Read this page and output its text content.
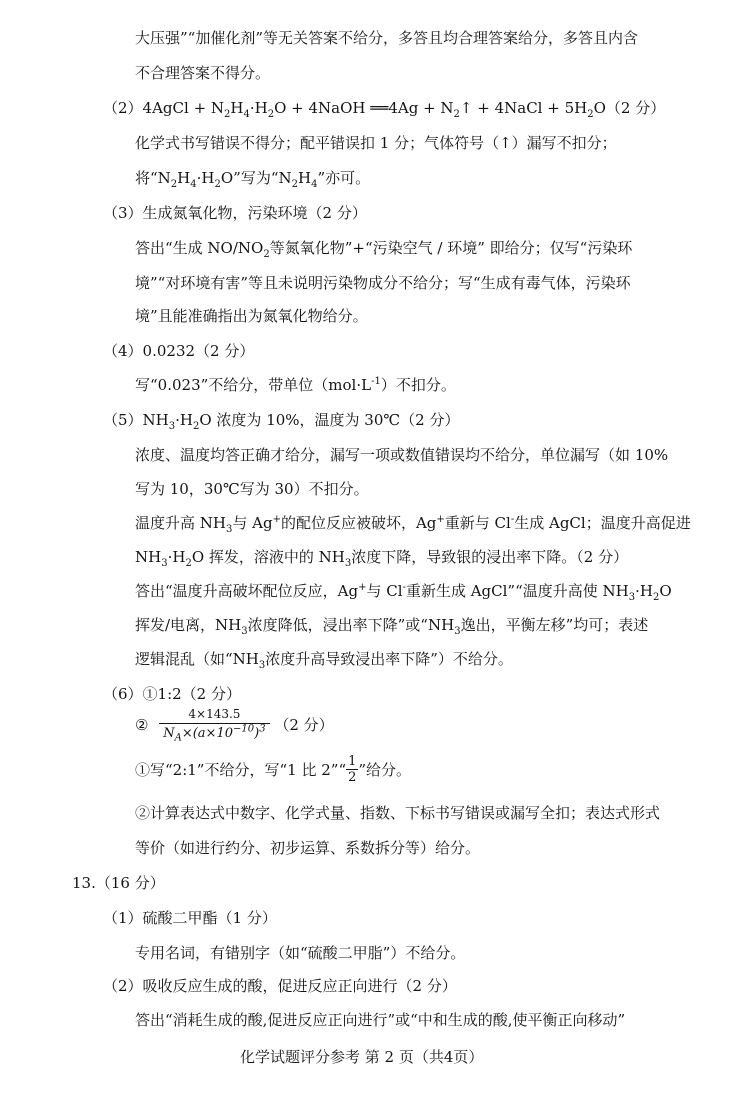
大压强”“加催化剂”等无关答案不给分，多答且均合理答案给分，多答且内含
不合理答案不得分。
（2）4AgCl + $N_2H_4\cdot H_2O$ + 4NaOH ══4Ag + $N_2↑$ + 4NaCl + $5H_2O(2$ 分）
化学式书写错误不得分；配平错误扣 1 分；气体符号（↑）漏写不扣分；
将“$N_2H_4\cdot H_2O$”写为“$N_2H_4$”亦可。
（3）生成氮氧化物，污染环境（2 分）
答出“生成 $NO/NO_2$等氮氧化物”+“污染空气 / 环境” 即给分；仅写“污染环
境”“对环境有害”等且未说明污染物成分不给分；写“生成有毒气体，污染环
境”且能准确指出为氮氧化物给分。
（4）0.0232（2 分）
写“0.023”不给分，带单位$(mol\cdot L^{-1})$不扣分。
$(5)NH_3\cdot H_2O$ 浓度为 10%，温度为 30℃（2 分）
浓度、温度均答正确才给分，漏写一项或数值错误均不给分，单位漏写（如 10%
写为 10，30℃写为 30）不扣分。
温度升高 $NH_3$与 Ag+的配位反应被破坏，Ag+重新与 Cl-生成 AgCl；温度升高促进
$NH_3\cdot H_2O$ 挥发，溶液中的 $NH_3$浓度下降，导致银的浸出率下降。（2 分）
答出“温度升高破坏配位反应，Ag+与 Cl-重新生成 AgCl”“温度升高使 $NH_3\cdot H_2O$
挥发/电离，$NH_3$浓度降低，浸出率下降”或“$NH_3$逸出，平衡左移”均可；表述
逻辑混乱（如“$NH_3$浓度升高导致浸出率下降”）不给分。
（6）①1:2（2 分）
② $\frac{4\times 143.5}{N_A\times(a\times 10^{-10})^3} (2$ 分）
①写“2:1”不给分，写“1 比 2”“ $\frac{1}{2}$ ”给分。
②计算表达式中数字、化学式量、指数、下标书写错误或漏写全扣；表达式形式
等价（如进行约分、初步运算、系数拆分等）给分。
13.（16 分）
（1）硫酸二甲酯（1 分）
专用名词，有错别字（如“硫酸二甲脂”）不给分。
（2）吸收反应生成的酸，促进反应正向进行（2 分）
答出“消耗生成的酸,促进反应正向进行”或“中和生成的酸,使平衡正向移动”
化学试题评分参考 第 2 页（共4页）
